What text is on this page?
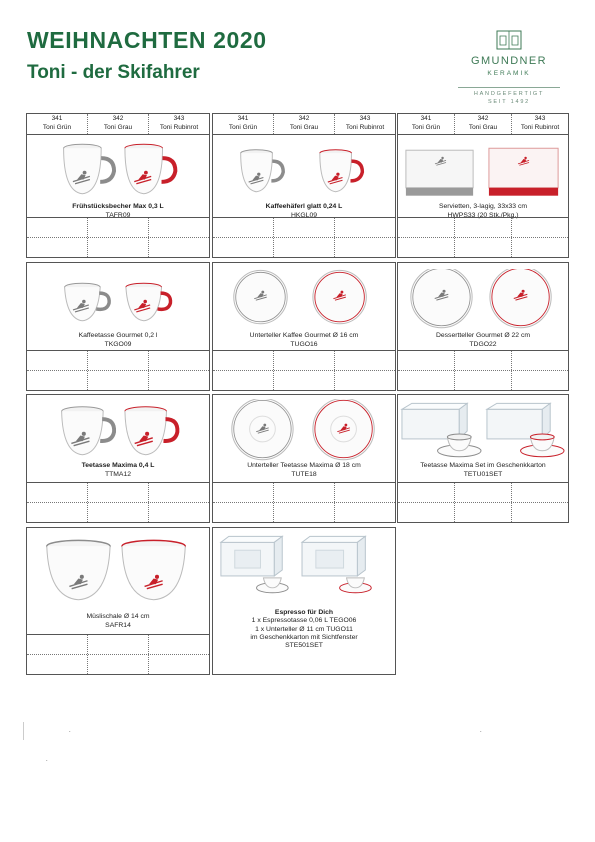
WEIHNACHTEN 2020
Toni - der Skifahrer
GMUNDNER
KERAMIK
HANDGEFERTIGT
SEIT 1492
341
Toni Grün
342
Toni Grau
343
Toni Rubinrot
Frühstücksbecher Max 0,3 L
TAFR09
341
Toni Grün
342
Toni Grau
343
Toni Rubinrot
Kaffeehäferl glatt 0,24 L
HKGL09
341
Toni Grün
342
Toni Grau
343
Toni Rubinrot
Servietten, 3-lagig, 33x33 cm
HWPS33 (20 Stk./Pkg.)
Kaffeetasse Gourmet 0,2 l
TKGO09
Unterteller Kaffee Gourmet Ø 16 cm
TUGO16
Dessertteller Gourmet Ø 22 cm
TDGO22
Teetasse Maxima 0,4 L
TTMA12
Unterteller Teetasse Maxima Ø 18 cm
TUTE18
Teetasse Maxima Set im Geschenkkarton
TETU01SET
Müslischale Ø 14 cm
SAFR14
Espresso für Dich
1 x Espressotasse 0,06 L TEGO06
1 x Unterteller Ø 11 cm TUGO11
im Geschenkkarton mit Sichtfenster
STE501SET
.
.
.
